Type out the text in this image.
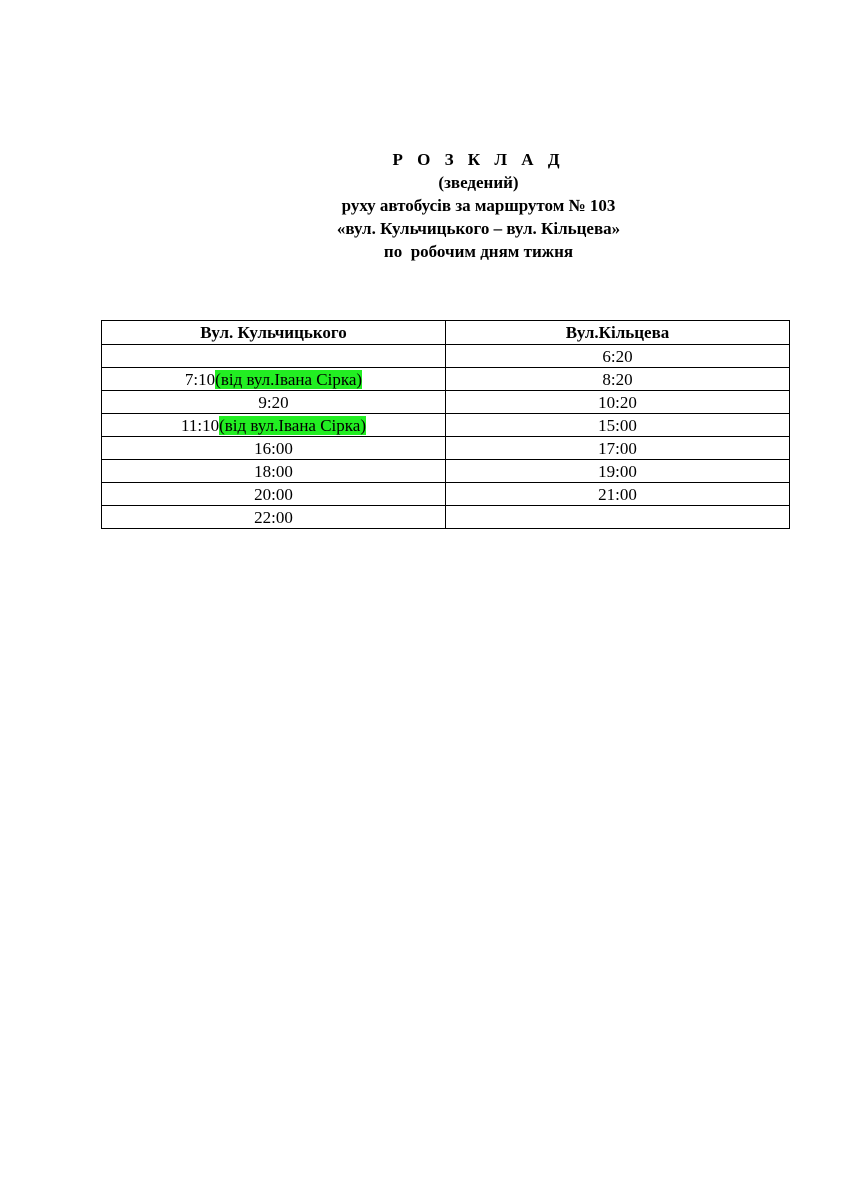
Р О З К Л А Д
(зведений)
руху автобусів за маршрутом № 103
«вул. Кульчицького – вул. Кільцева»
по  робочим дням тижня
Вул. Кульчицького	Вул.Кільцева
	6:20
7:10(від вул.Івана Сірка)	8:20
9:20	10:20
11:10(від вул.Івана Сірка)	15:00
16:00	17:00
18:00	19:00
20:00	21:00
22:00	
